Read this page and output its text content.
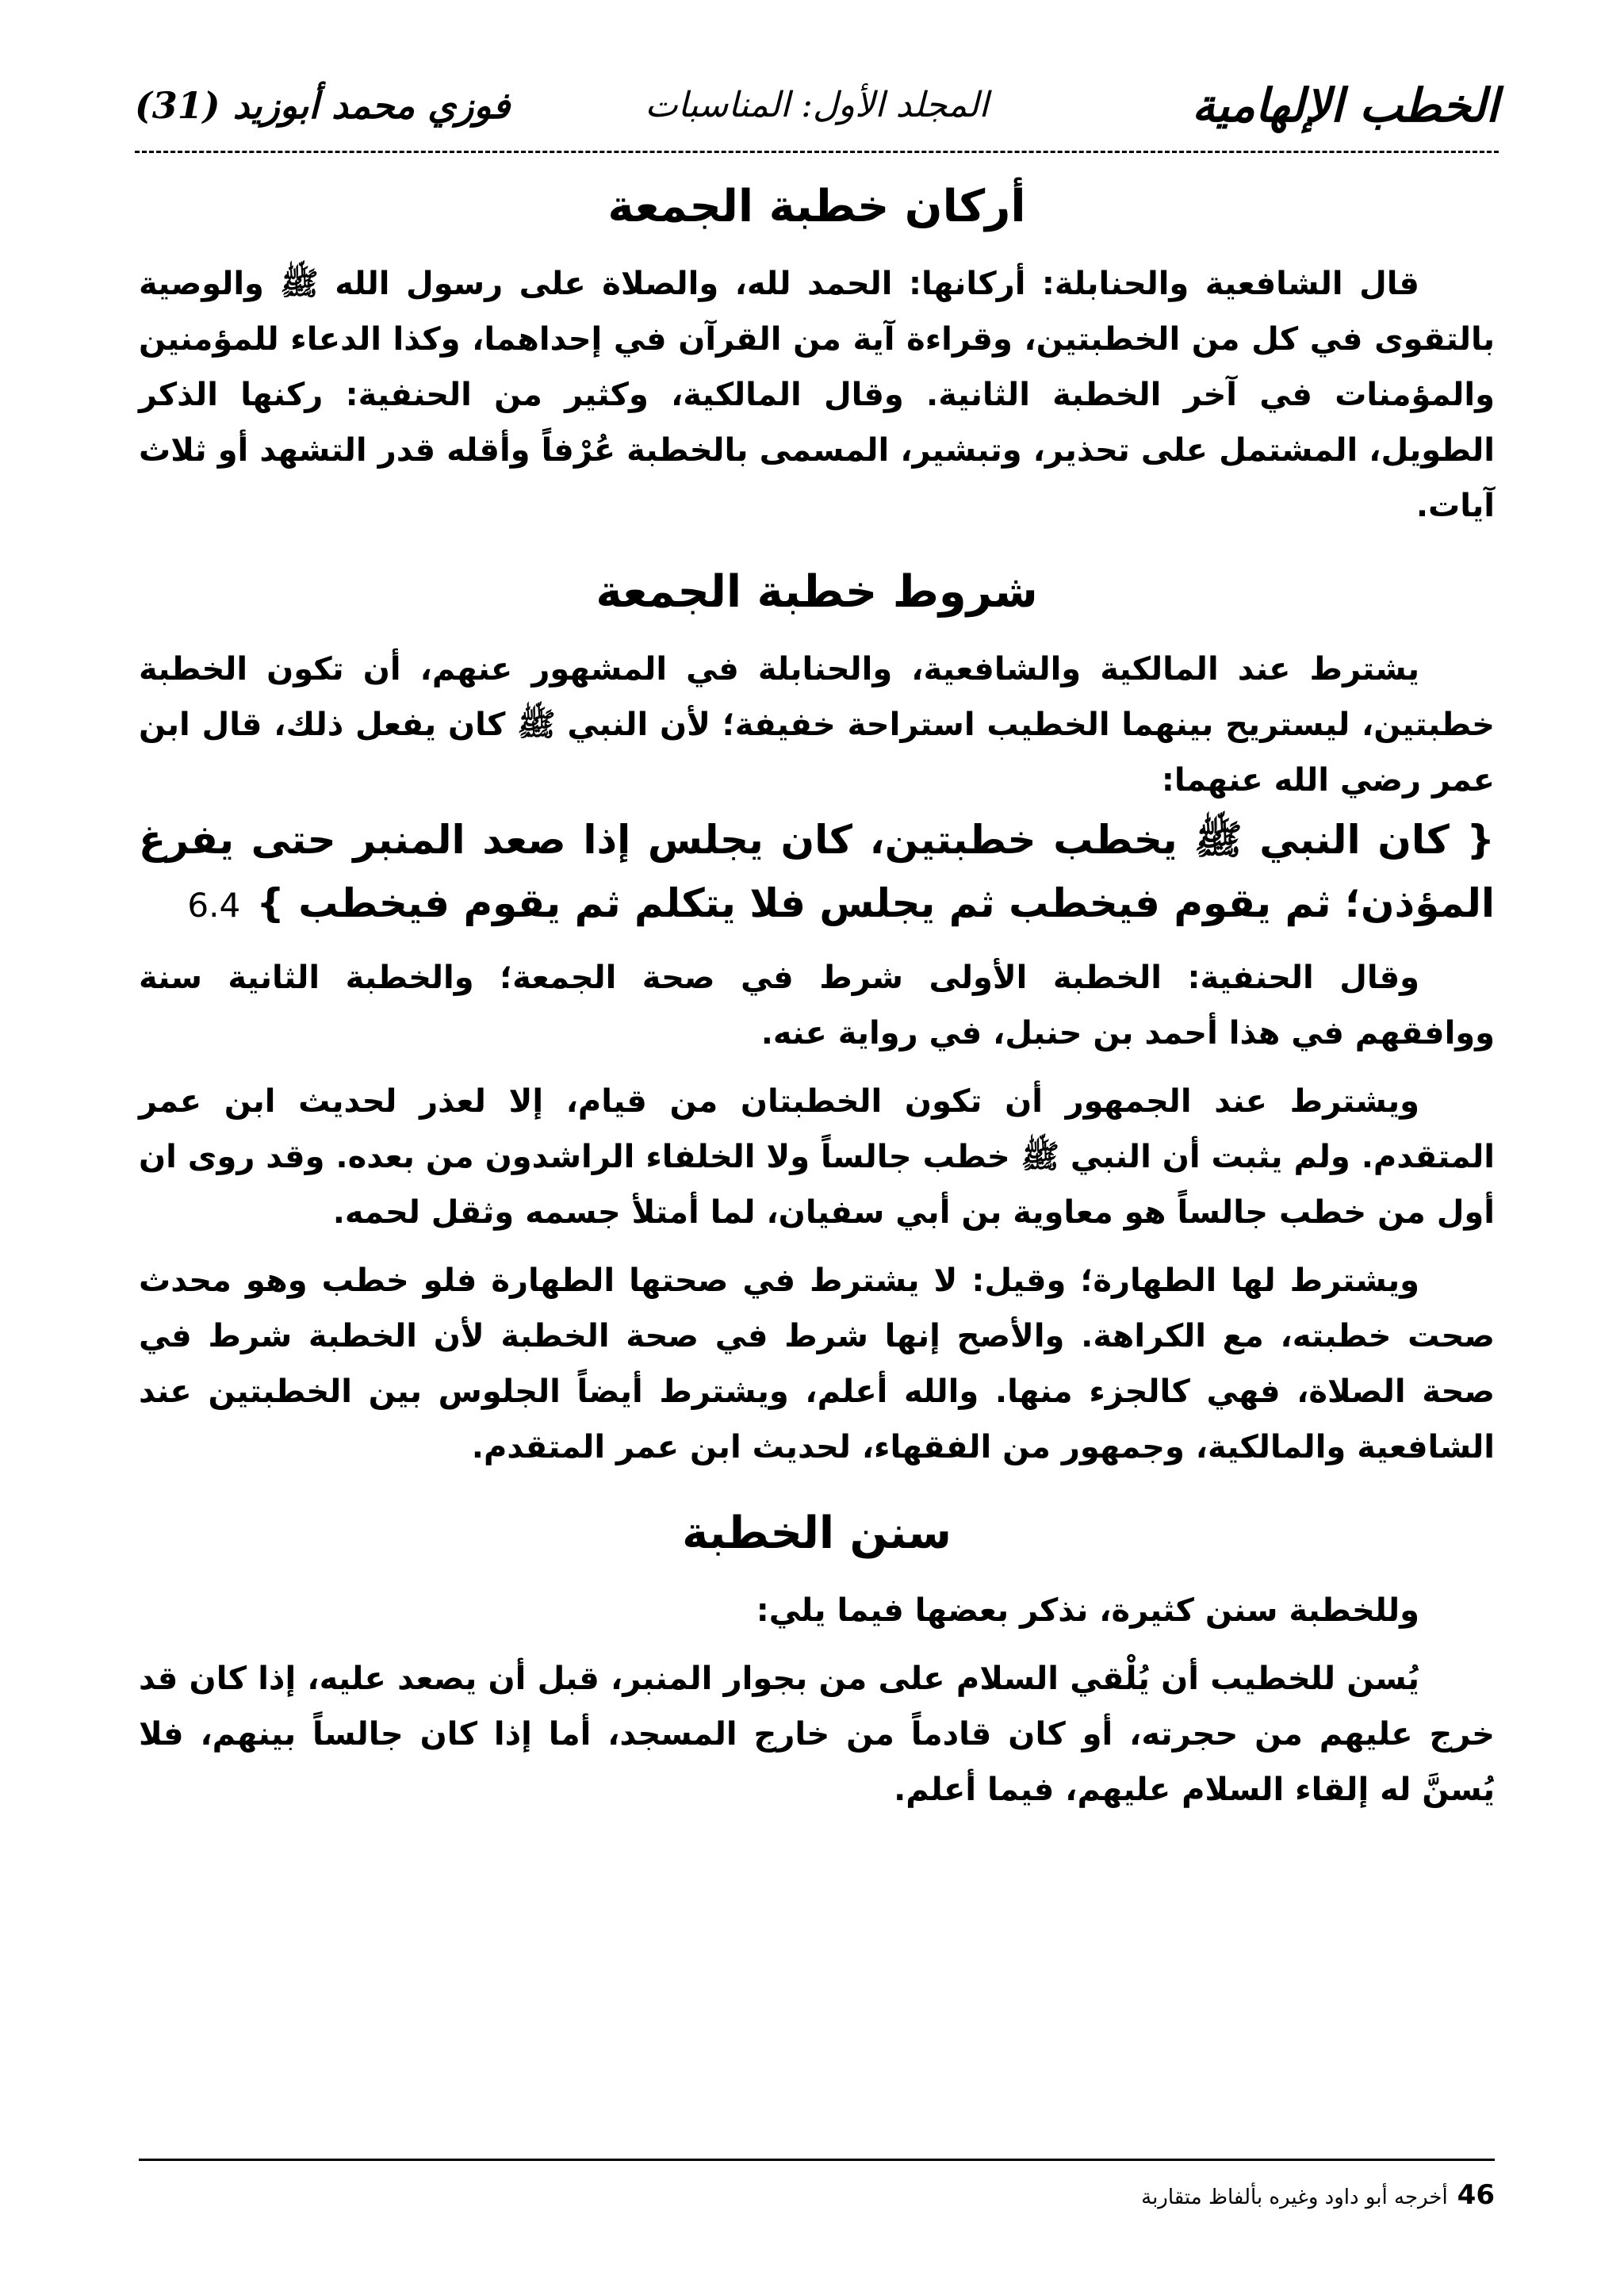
الخطب الإلهامية
المجلد الأول: المناسبات
فوزي محمد أبوزيد (31)
أركان خطبة الجمعة

قال الشافعية والحنابلة: أركانها: الحمد لله، والصلاة على رسول الله ﷺ والوصية بالتقوى في كل من الخطبتين، وقراءة آية من القرآن في إحداهما، وكذا الدعاء للمؤمنين والمؤمنات في آخر الخطبة الثانية. وقال المالكية، وكثير من الحنفية: ركنها الذكر الطويل، المشتمل على تحذير، وتبشير، المسمى بالخطبة عُرْفاً وأقله قدر التشهد أو ثلاث آيات.

شروط خطبة الجمعة

يشترط عند المالكية والشافعية، والحنابلة في المشهور عنهم، أن تكون الخطبة خطبتين، ليستريح بينهما الخطيب استراحة خفيفة؛ لأن النبي ﷺ كان يفعل ذلك، قال ابن عمر رضي الله عنهما:

{ كان النبي ﷺ يخطب خطبتين، كان يجلس إذا صعد المنبر حتى يفرغ المؤذن؛ ثم يقوم فيخطب ثم يجلس فلا يتكلم ثم يقوم فيخطب }6.4

وقال الحنفية: الخطبة الأولى شرط في صحة الجمعة؛ والخطبة الثانية سنة ووافقهم في هذا أحمد بن حنبل، في رواية عنه.

ويشترط عند الجمهور أن تكون الخطبتان من قيام، إلا لعذر لحديث ابن عمر المتقدم. ولم يثبت أن النبي ﷺ خطب جالساً ولا الخلفاء الراشدون من بعده. وقد روى ان أول من خطب جالساً هو معاوية بن أبي سفيان، لما أمتلأ جسمه وثقل لحمه.

ويشترط لها الطهارة؛ وقيل: لا يشترط في صحتها الطهارة فلو خطب وهو محدث صحت خطبته، مع الكراهة. والأصح إنها شرط في صحة الخطبة لأن الخطبة شرط في صحة الصلاة، فهي كالجزء منها. والله أعلم، ويشترط أيضاً الجلوس بين الخطبتين عند الشافعية والمالكية، وجمهور من الفقهاء، لحديث ابن عمر المتقدم.

سنن الخطبة

وللخطبة سنن كثيرة، نذكر بعضها فيما يلي:

يُسن للخطيب أن يُلْقي السلام على من بجوار المنبر، قبل أن يصعد عليه، إذا كان قد خرج عليهم من حجرته، أو كان قادماً من خارج المسجد، أما إذا كان جالساً بينهم، فلا يُسنَّ له إلقاء السلام عليهم، فيما أعلم.

46أخرجه أبو داود وغيره بألفاظ متقاربة
